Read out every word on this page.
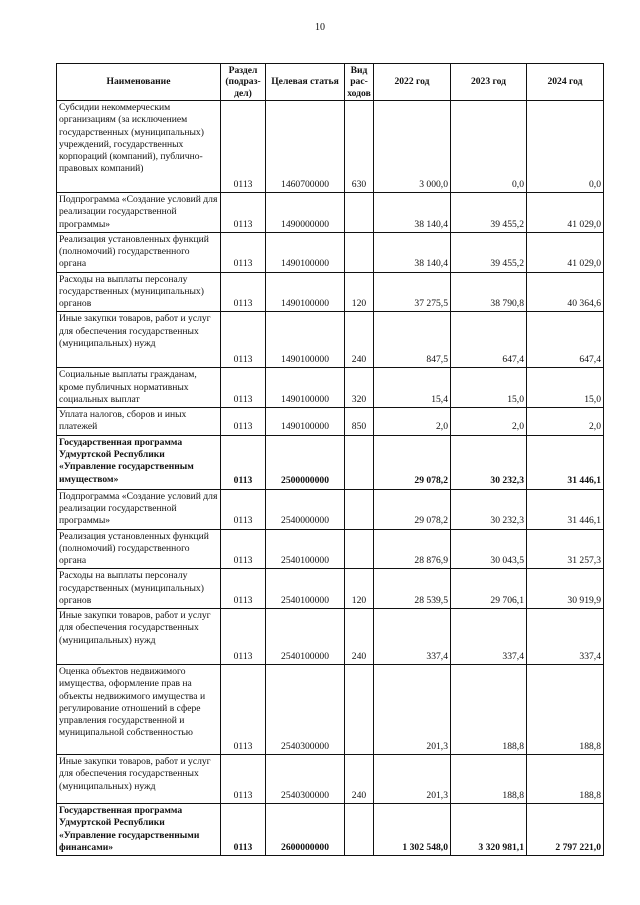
10
Наименование	Раздел (подраз-дел)	Целевая статья	Вид рас-ходов	2022 год	2023 год	2024 год
Субсидии некоммерческим организациям (за исключением государственных (муниципальных) учреждений, государственных корпораций (компаний), публично-правовых компаний)	0113	1460700000	630	3 000,0	0,0	0,0
Подпрограмма «Создание условий для реализации государственной программы»	0113	1490000000		38 140,4	39 455,2	41 029,0
Реализация установленных функций (полномочий) государственного органа	0113	1490100000		38 140,4	39 455,2	41 029,0
Расходы на выплаты персоналу государственных (муниципальных) органов	0113	1490100000	120	37 275,5	38 790,8	40 364,6
Иные закупки товаров, работ и услуг для обеспечения государственных (муниципальных) нужд	0113	1490100000	240	847,5	647,4	647,4
Социальные выплаты гражданам, кроме публичных нормативных социальных выплат	0113	1490100000	320	15,4	15,0	15,0
Уплата налогов, сборов и иных платежей	0113	1490100000	850	2,0	2,0	2,0
Государственная программа Удмуртской Республики «Управление государственным имуществом»	0113	2500000000		29 078,2	30 232,3	31 446,1
Подпрограмма «Создание условий для реализации государственной программы»	0113	2540000000		29 078,2	30 232,3	31 446,1
Реализация установленных функций (полномочий) государственного органа	0113	2540100000		28 876,9	30 043,5	31 257,3
Расходы на выплаты персоналу государственных (муниципальных) органов	0113	2540100000	120	28 539,5	29 706,1	30 919,9
Иные закупки товаров, работ и услуг для обеспечения государственных (муниципальных) нужд	0113	2540100000	240	337,4	337,4	337,4
Оценка объектов недвижимого имущества, оформление прав на объекты недвижимого имущества и регулирование отношений в сфере управления государственной и муниципальной собственностью	0113	2540300000		201,3	188,8	188,8
Иные закупки товаров, работ и услуг для обеспечения государственных (муниципальных) нужд	0113	2540300000	240	201,3	188,8	188,8
Государственная программа Удмуртской Республики «Управление государственными финансами»	0113	2600000000		1 302 548,0	3 320 981,1	2 797 221,0
